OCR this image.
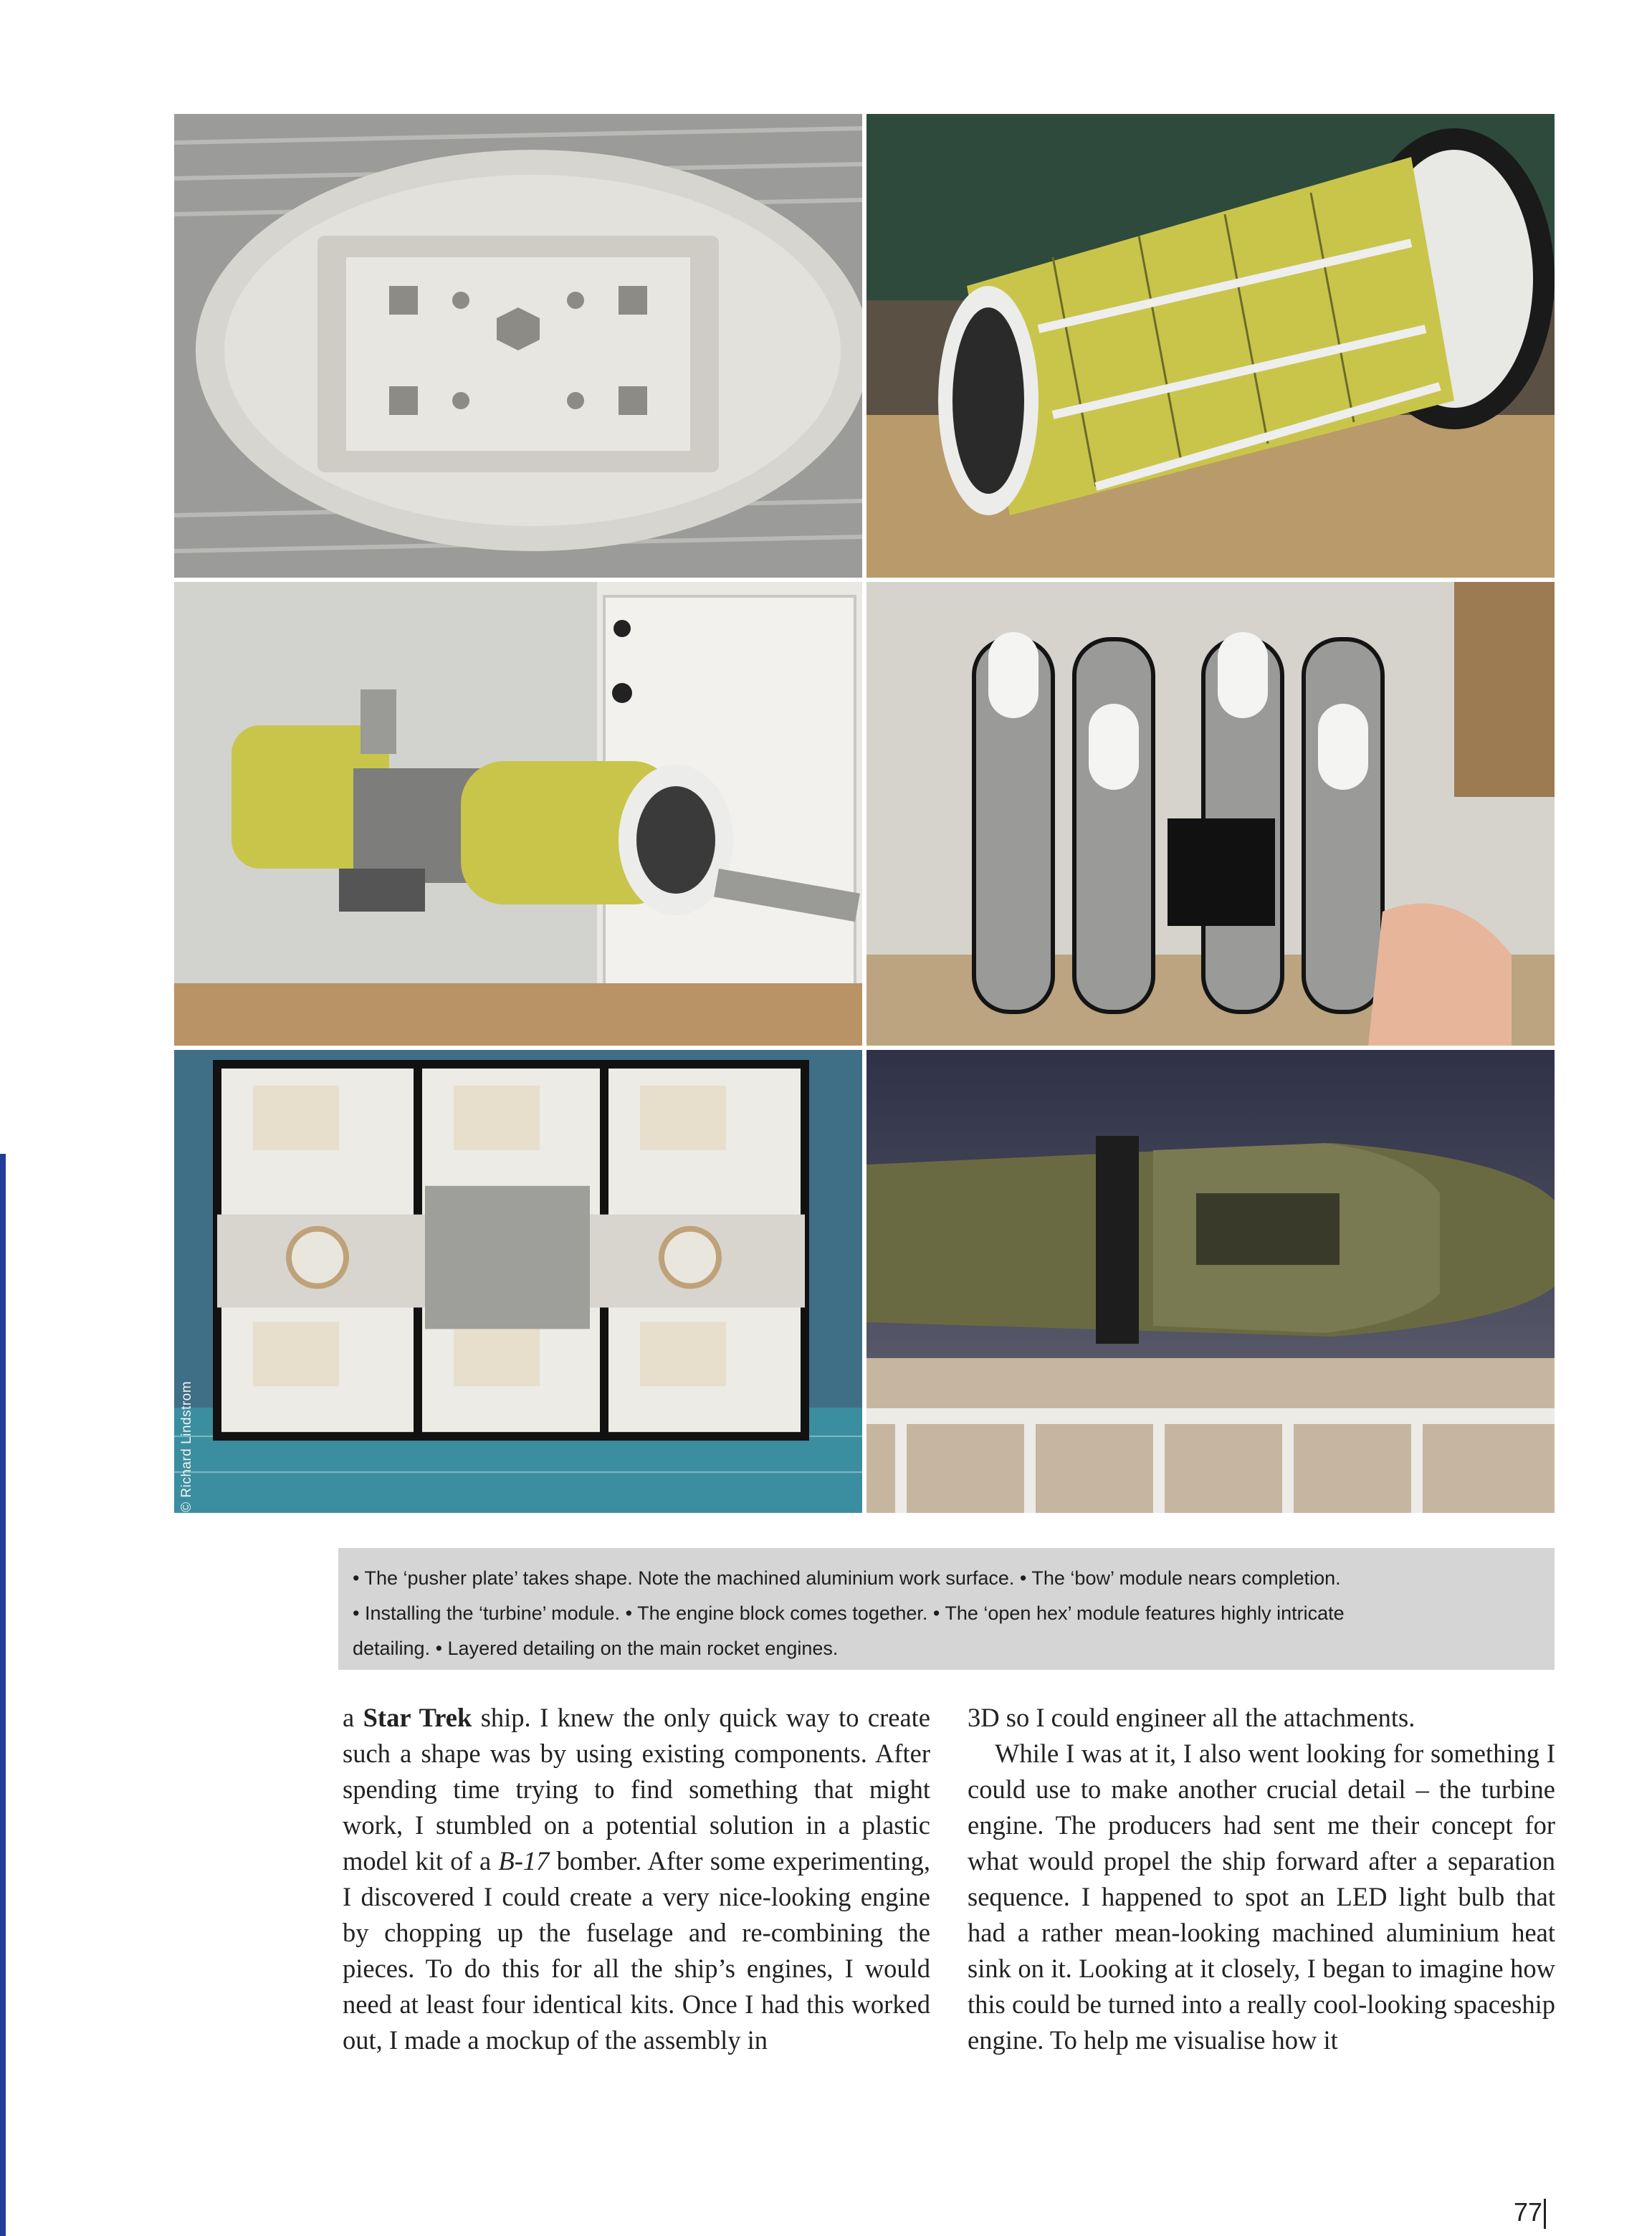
© Richard Lindstrom

• The ‘pusher plate’ takes shape. Note the machined aluminium work surface. • The ‘bow’ module nears completion.

• Installing the ‘turbine’ module. • The engine block comes together. • The ‘open hex’ module features highly intricate

detailing. • Layered detailing on the main rocket engines.

a Star Trek ship. I knew the only quick way to create such a shape was by using existing components. After spending time trying to find something that might work, I stumbled on a potential solution in a plastic model kit of a B-17 bomber. After some experimenting, I discovered I could create a very nice-looking engine by chopping up the fuselage and re-combining the pieces. To do this for all the ship’s engines, I would need at least four identical kits. Once I had this worked out, I made a mockup of the assembly in

3D so I could engineer all the attachments.

While I was at it, I also went looking for something I could use to make another crucial detail – the turbine engine. The producers had sent me their concept for what would propel the ship forward after a separation sequence. I happened to spot an LED light bulb that had a rather mean-looking machined aluminium heat sink on it. Looking at it closely, I began to imagine how this could be turned into a really cool-looking spaceship engine. To help me visualise how it

77
